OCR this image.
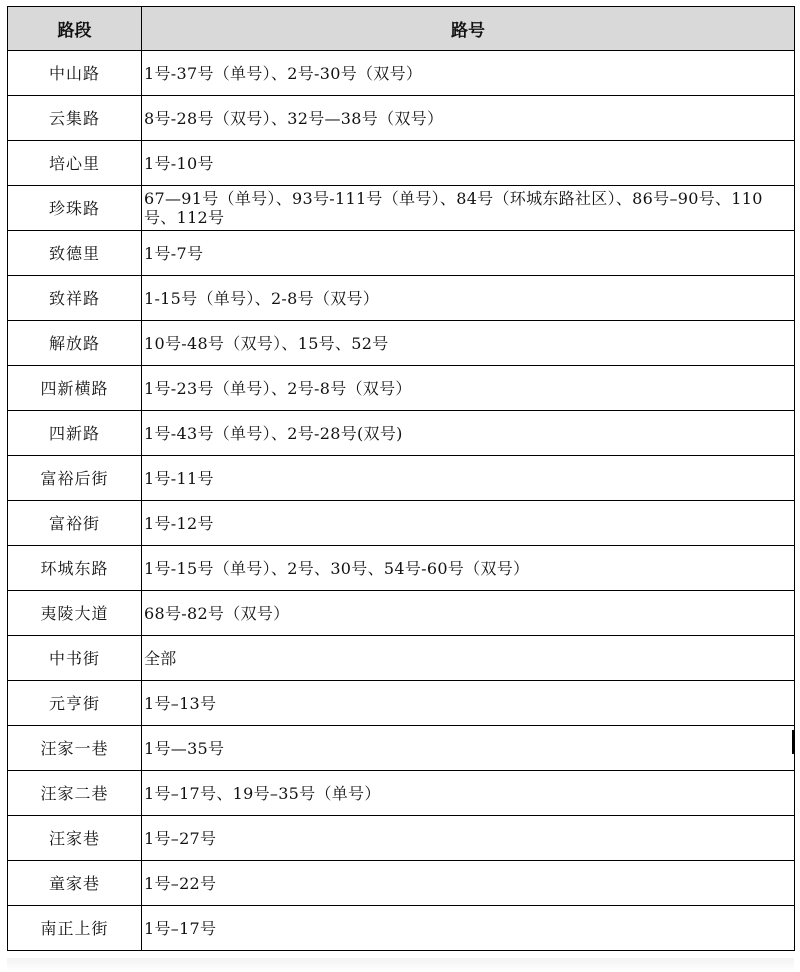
路段	路号
中山路	1号-37号（单号）、2号-30号（双号）
云集路	8号-28号（双号）、32号—38号（双号）
培心里	1号-10号
珍珠路	67—91号（单号）、93号-111号（单号）、84号（环城东路社区）、86号–90号、110号、112号
致德里	1号-7号
致祥路	1-15号（单号）、2-8号（双号）
解放路	10号-48号（双号）、15号、52号
四新横路	1号-23号（单号）、2号-8号（双号）
四新路	1号-43号（单号）、2号-28号(双号)
富裕后街	1号-11号
富裕街	1号-12号
环城东路	1号-15号（单号）、2号、30号、54号-60号（双号）
夷陵大道	68号-82号（双号）
中书街	全部
元亨街	1号–13号
汪家一巷	1号—35号
汪家二巷	1号–17号、19号–35号（单号）
汪家巷	1号–27号
童家巷	1号–22号
南正上街	1号–17号
